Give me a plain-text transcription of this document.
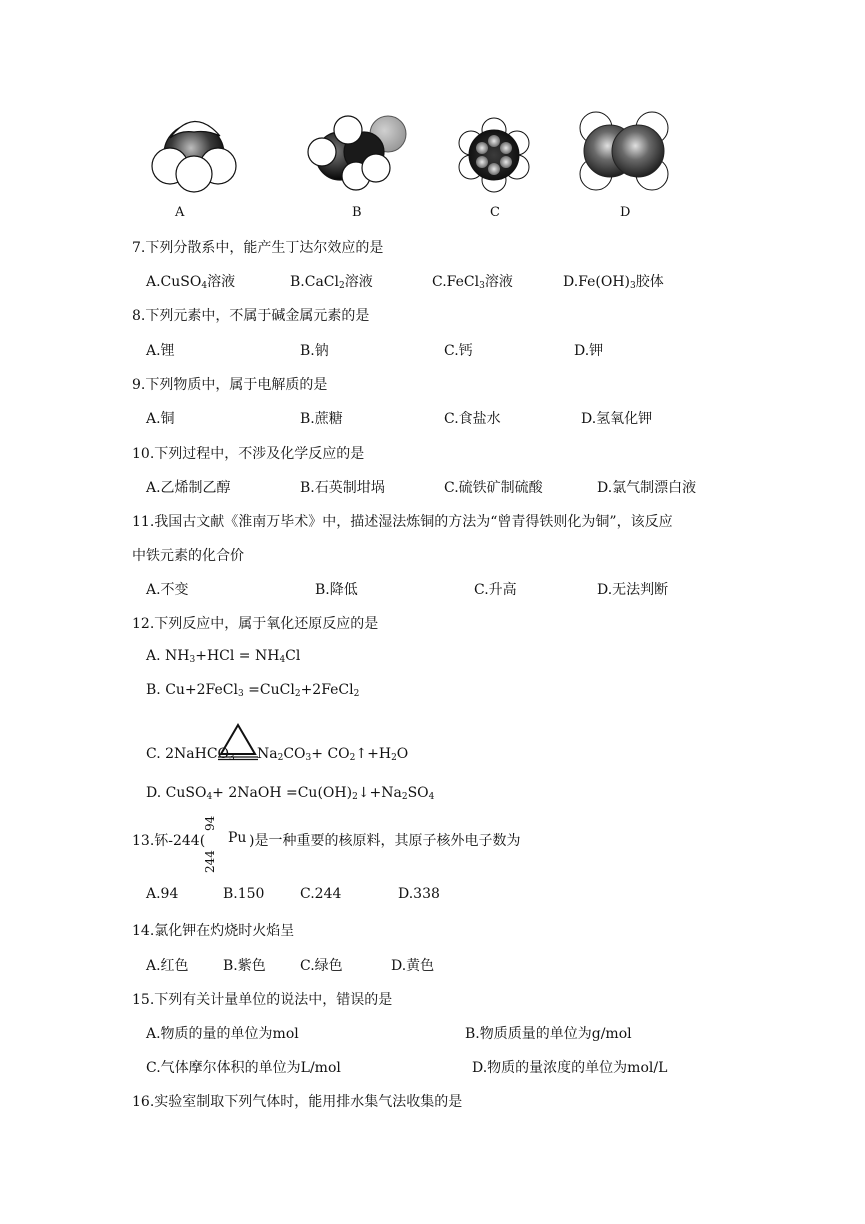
A	B	C	D
7.下列分散系中，能产生丁达尔效应的是
A.CuSO$_4$溶液	B.CaCl$_2$溶液	C.FeCl$_3$溶液	$D.Fe(OH)_3$胶体
8.下列元素中，不属于碱金属元素的是
A.锂	B.钠	C.钙	D.钾
9.下列物质中，属于电解质的是
A.铜	B.蔗糖	C.食盐水	D.氢氧化钾
10.下列过程中，不涉及化学反应的是
A.乙烯制乙醇	B.石英制坩埚	C.硫铁矿制硫酸	D.氯气制漂白液
11.我国古文献《淮南万毕术》中，描述湿法炼铜的方法为“曾青得铁则化为铜”，该反应
中铁元素的化合价
A.不变	B.降低	C.升高	D.无法判断
12.下列反应中，属于氧化还原反应的是
A. $NH_3+HCl = NH_4Cl$
B. Cu+2FeCl$_3$ =CuCl$_2$+2FeCl$_2$
C. 2NaHCO$_3$ $Na_2CO_3+$ $CO_2↑+H_2O$
D. CuSO$_4$+ 2NaOH $=Cu(OH)_2↓+Na_2SO_4$
13.钚-244(
94
244
Pu )是一种重要的核原料，其原子核外电子数为
A.94	B.150	C.244	D.338
14.氯化钾在灼烧时火焰呈
A.红色 B.紫色 C.绿色	D.黄色
15.下列有关计量单位的说法中，错误的是
A.物质的量的单位为mol	B.物质质量的单位为g/mol
C.气体摩尔体积的单位为L/mol	D.物质的量浓度的单位为mol/L
16.实验室制取下列气体时，能用排水集气法收集的是
